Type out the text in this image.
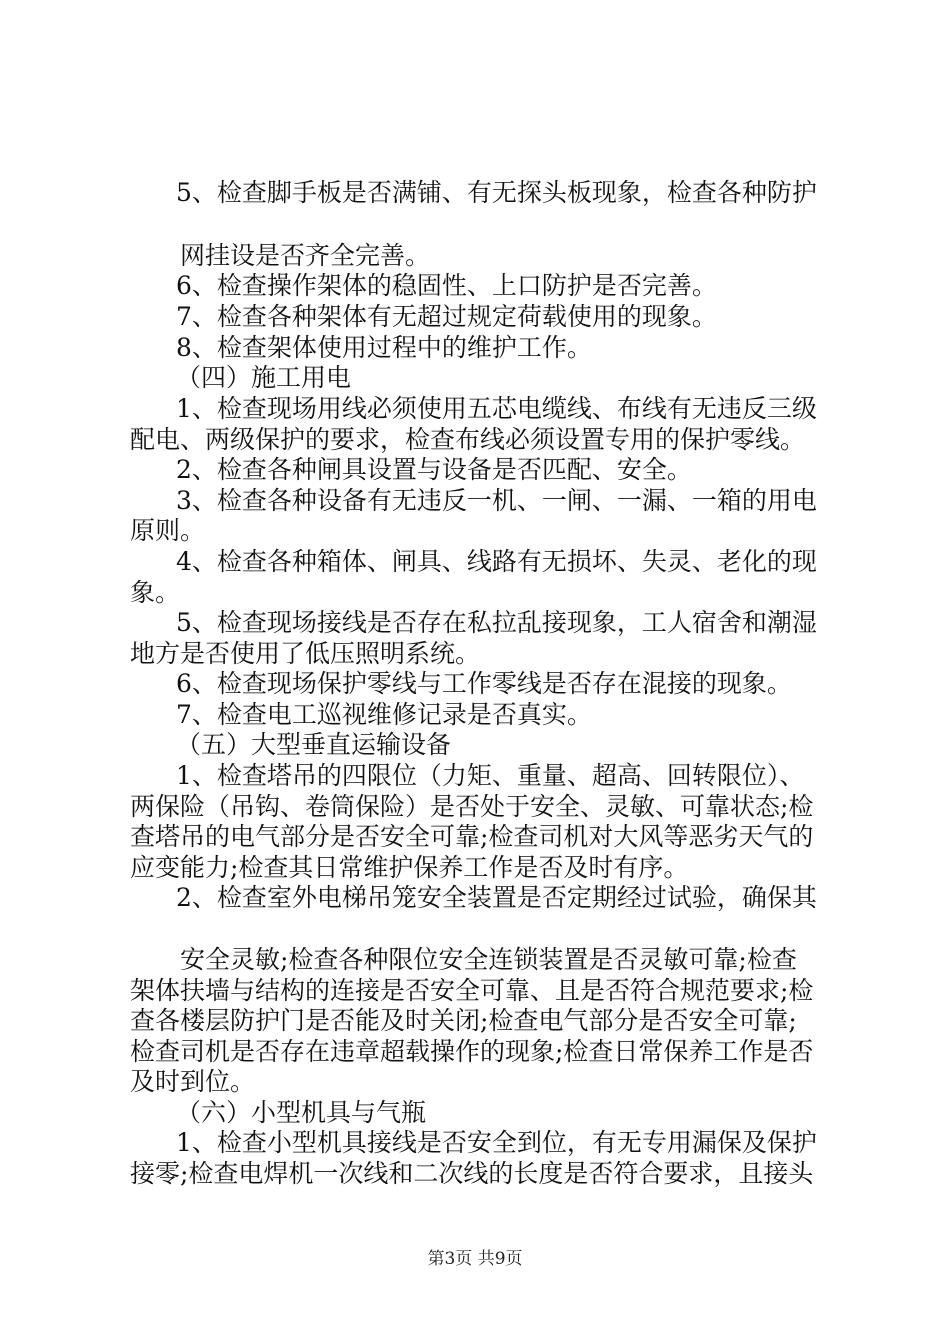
5、检查脚手板是否满铺、有无探头板现象，检查各种防护
网挂设是否齐全完善。
6、检查操作架体的稳固性、上口防护是否完善。
7、检查各种架体有无超过规定荷载使用的现象。
8、检查架体使用过程中的维护工作。
（四）施工用电
1、检查现场用线必须使用五芯电缆线、布线有无违反三级
配电、两级保护的要求，检查布线必须设置专用的保护零线。
2、检查各种闸具设置与设备是否匹配、安全。
3、检查各种设备有无违反一机、一闸、一漏、一箱的用电
原则。
4、检查各种箱体、闸具、线路有无损坏、失灵、老化的现
象。
5、检查现场接线是否存在私拉乱接现象，工人宿舍和潮湿
地方是否使用了低压照明系统。
6、检查现场保护零线与工作零线是否存在混接的现象。
7、检查电工巡视维修记录是否真实。
（五）大型垂直运输设备
1、检查塔吊的四限位（力矩、重量、超高、回转限位）、
两保险（吊钩、卷筒保险）是否处于安全、灵敏、可靠状态;检
查塔吊的电气部分是否安全可靠;检查司机对大风等恶劣天气的
应变能力;检查其日常维护保养工作是否及时有序。
2、检查室外电梯吊笼安全装置是否定期经过试验，确保其
安全灵敏;检查各种限位安全连锁装置是否灵敏可靠;检查
架体扶墙与结构的连接是否安全可靠、且是否符合规范要求;检
查各楼层防护门是否能及时关闭;检查电气部分是否安全可靠;
检查司机是否存在违章超载操作的现象;检查日常保养工作是否
及时到位。
（六）小型机具与气瓶
1、检查小型机具接线是否安全到位，有无专用漏保及保护
接零;检查电焊机一次线和二次线的长度是否符合要求，且接头
第3页 共9页
